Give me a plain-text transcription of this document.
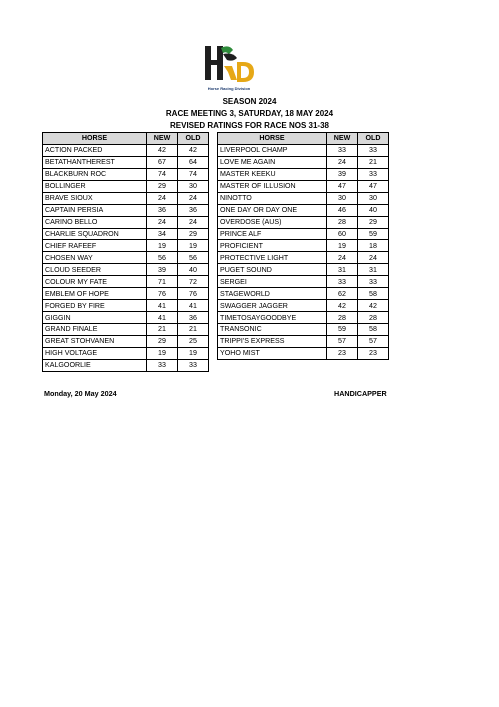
Horse Racing Division
SEASON 2024
RACE MEETING 3, SATURDAY, 18 MAY 2024
REVISED RATINGS FOR RACE NOS 31-38
HORSE	NEW	OLD
ACTION PACKED	42	42
BETATHANTHEREST	67	64
BLACKBURN ROC	74	74
BOLLINGER	29	30
BRAVE SIOUX	24	24
CAPTAIN PERSIA	36	36
CARINO BELLO	24	24
CHARLIE SQUADRON	34	29
CHIEF RAFEEF	19	19
CHOSEN WAY	56	56
CLOUD SEEDER	39	40
COLOUR MY FATE	71	72
EMBLEM OF HOPE	76	76
FORGED BY FIRE	41	41
GIGGIN	41	36
GRAND FINALE	21	21
GREAT STOHVANEN	29	25
HIGH VOLTAGE	19	19
KALGOORLIE	33	33
HORSE	NEW	OLD
LIVERPOOL CHAMP	33	33
LOVE ME AGAIN	24	21
MASTER KEEKU	39	33
MASTER OF ILLUSION	47	47
NINOTTO	30	30
ONE DAY OR DAY ONE	46	40
OVERDOSE (AUS)	28	29
PRINCE ALF	60	59
PROFICIENT	19	18
PROTECTIVE LIGHT	24	24
PUGET SOUND	31	31
SERGEI	33	33
STAGEWORLD	62	58
SWAGGER JAGGER	42	42
TIMETOSAYGOODBYE	28	28
TRANSONIC	59	58
TRIPPI'S EXPRESS	57	57
YOHO MIST	23	23
Monday, 20 May 2024	HANDICAPPER
